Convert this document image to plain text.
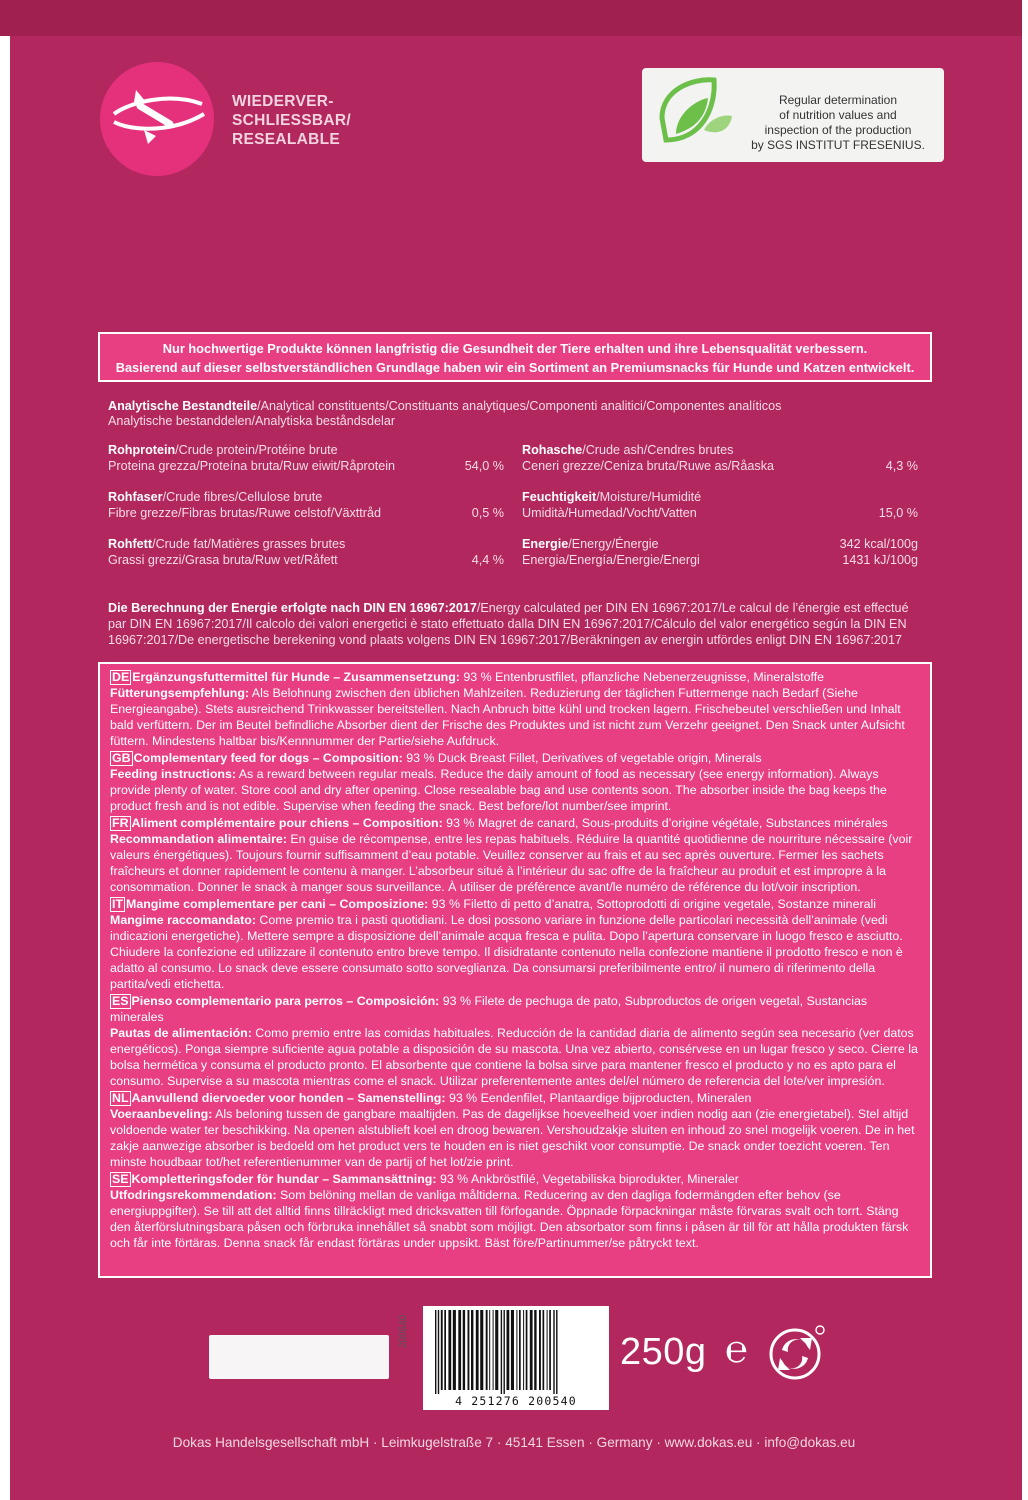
WIEDERVER-
SCHLIESSBAR/
RESEALABLE
Regular determination
of nutrition values and
inspection of the production
by SGS INSTITUT FRESENIUS.
Nur hochwertige Produkte können langfristig die Gesundheit der Tiere erhalten und ihre Lebensqualität verbessern.
Basierend auf dieser selbstverständlichen Grundlage haben wir ein Sortiment an Premiumsnacks für Hunde und Katzen entwickelt.
Analytische Bestandteile/Analytical constituents/Constituants analytiques/Componenti analitici/Componentes analíticos
Analytische bestanddelen/Analytiska beståndsdelar
Rohprotein/Crude protein/Protéine brute
Proteina grezza/Proteína bruta/Ruw eiwit/Råprotein	54,0 %
Rohasche/Crude ash/Cendres brutes
Ceneri grezze/Ceniza bruta/Ruwe as/Råaska	4,3 %
Rohfaser/Crude fibres/Cellulose brute
Fibre grezze/Fibras brutas/Ruwe celstof/Växttråd	0,5 %
Feuchtigkeit/Moisture/Humidité
Umidità/Humedad/Vocht/Vatten	15,0 %
Rohfett/Crude fat/Matières grasses brutes
Grassi grezzi/Grasa bruta/Ruw vet/Råfett	4,4 %
Energie/Energy/Énergie	342 kcal/100g
Energia/Energía/Energie/Energi	1431 kJ/100g
Die Berechnung der Energie erfolgte nach DIN EN 16967:2017/Energy calculated per DIN EN 16967:2017/Le calcul de l’énergie est effectué par DIN EN 16967:2017/Il calcolo dei valori energetici è stato effettuato dalla DIN EN 16967:2017/Cálculo del valor energético según la DIN EN 16967:2017/De energetische berekening vond plaats volgens DIN EN 16967:2017/Beräkningen av energin utfördes enligt DIN EN 16967:2017
DE Ergänzungsfuttermittel für Hunde – Zusammensetzung: 93 % Entenbrustfilet, pflanzliche Nebenerzeugnisse, Mineralstoffe
Fütterungsempfehlung: Als Belohnung zwischen den üblichen Mahlzeiten. Reduzierung der täglichen Futtermenge nach Bedarf (Siehe Energieangabe). Stets ausreichend Trinkwasser bereitstellen. Nach Anbruch bitte kühl und trocken lagern. Frischebeutel verschließen und Inhalt bald verfüttern. Der im Beutel befindliche Absorber dient der Frische des Produktes und ist nicht zum Verzehr geeignet. Den Snack unter Aufsicht füttern. Mindestens haltbar bis/Kennnummer der Partie/siehe Aufdruck.
GB Complementary feed for dogs – Composition: 93 % Duck Breast Fillet, Derivatives of vegetable origin, Minerals
Feeding instructions: As a reward between regular meals. Reduce the daily amount of food as necessary (see energy information). Always provide plenty of water. Store cool and dry after opening. Close resealable bag and use contents soon. The absorber inside the bag keeps the product fresh and is not edible. Supervise when feeding the snack. Best before/lot number/see imprint.
FR Aliment complémentaire pour chiens – Composition: 93 % Magret de canard, Sous-produits d’origine végétale, Substances minérales
Recommandation alimentaire: En guise de récompense, entre les repas habituels. Réduire la quantité quotidienne de nourriture nécessaire (voir valeurs énergétiques). Toujours fournir suffisamment d’eau potable. Veuillez conserver au frais et au sec après ouverture. Fermer les sachets fraîcheurs et donner rapidement le contenu à manger. L’absorbeur situé à l’intérieur du sac offre de la fraîcheur au produit et est impropre à la consommation. Donner le snack à manger sous surveillance. À utiliser de préférence avant/le numéro de référence du lot/voir inscription.
IT Mangime complementare per cani – Composizione: 93 % Filetto di petto d’anatra, Sottoprodotti di origine vegetale, Sostanze minerali
Mangime raccomandato: Come premio tra i pasti quotidiani. Le dosi possono variare in funzione delle particolari necessità dell’animale (vedi indicazioni energetiche). Mettere sempre a disposizione dell’animale acqua fresca e pulita. Dopo l’apertura conservare in luogo fresco e asciutto. Chiudere la confezione ed utilizzare il contenuto entro breve tempo. Il disidratante contenuto nella confezione mantiene il prodotto fresco e non è adatto al consumo. Lo snack deve essere consumato sotto sorveglianza. Da consumarsi preferibilmente entro/ il numero di riferimento della partita/vedi etichetta.
ES Pienso complementario para perros – Composición: 93 % Filete de pechuga de pato, Subproductos de origen vegetal, Sustancias minerales
Pautas de alimentación: Como premio entre las comidas habituales. Reducción de la cantidad diaria de alimento según sea necesario (ver datos energéticos). Ponga siempre suficiente agua potable a disposición de su mascota. Una vez abierto, consérvese en un lugar fresco y seco. Cierre la bolsa hermética y consuma el producto pronto. El absorbente que contiene la bolsa sirve para mantener fresco el producto y no es apto para el consumo. Supervise a su mascota mientras come el snack. Utilizar preferentemente antes del/el número de referencia del lote/ver impresión.
NL Aanvullend diervoeder voor honden – Samenstelling: 93 % Eendenfilet, Plantaardige bijproducten, Mineralen
Voeraanbeveling: Als beloning tussen de gangbare maaltijden. Pas de dagelijkse hoeveelheid voer indien nodig aan (zie energietabel). Stel altijd voldoende water ter beschikking. Na openen alstublieft koel en droog bewaren. Vershoudzakje sluiten en inhoud zo snel mogelijk voeren. De in het zakje aanwezige absorber is bedoeld om het product vers te houden en is niet geschikt voor consumptie. De snack onder toezicht voeren. Ten minste houdbaar tot/het referentienummer van de partij of het lot/zie print.
SE Kompletteringsfoder för hundar – Sammansättning: 93 % Ankbröstfilé, Vegetabiliska biprodukter, Mineraler
Utfodringsrekommendation: Som belöning mellan de vanliga måltiderna. Reducering av den dagliga fodermängden efter behov (se energiuppgifter). Se till att det alltid finns tillräckligt med dricksvatten till förfogande. Öppnade förpackningar måste förvaras svalt och torrt. Stäng den återförslutningsbara påsen och förbruka innehållet så snabbt som möjligt. Den absorbator som finns i påsen är till för att hålla produkten färsk och får inte förtäras. Denna snack får endast förtäras under uppsikt. Bäst före/Partinummer/se påtryckt text.
200540
4 251276 200540
250g ℮
Dokas Handelsgesellschaft mbH · Leimkugelstraße 7 · 45141 Essen · Germany · www.dokas.eu · info@dokas.eu
